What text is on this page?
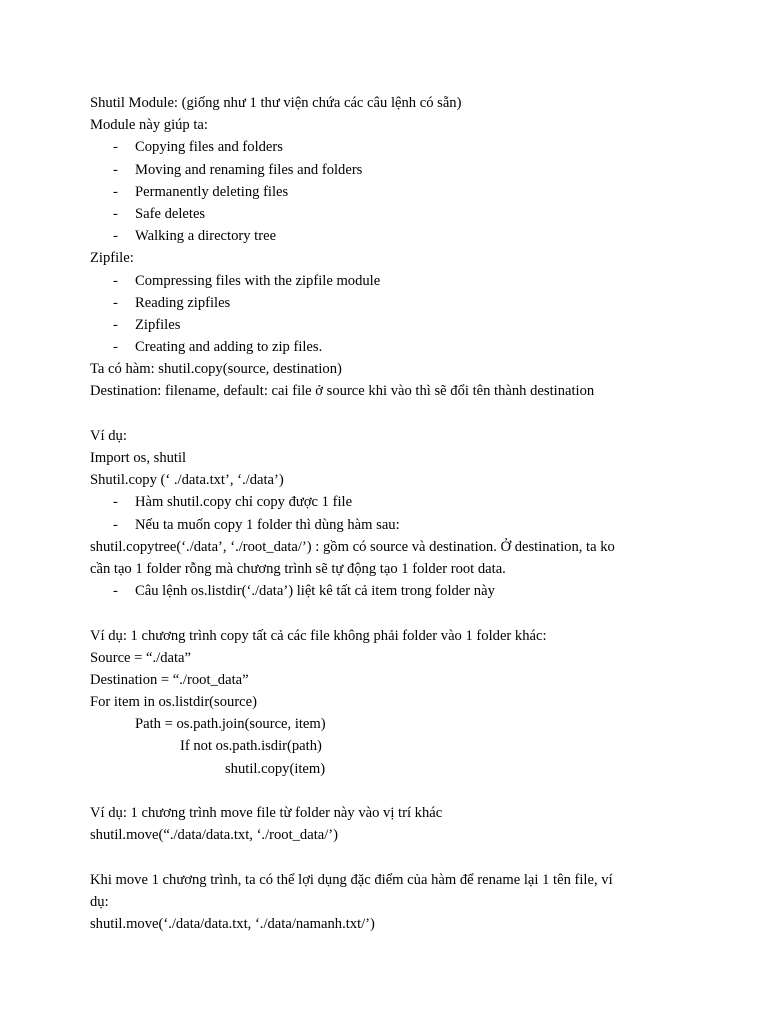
Shutil Module: (giống như 1 thư viện chứa các câu lệnh có sẵn)
Module này giúp ta:
- Copying files and folders
- Moving and renaming files and folders
- Permanently deleting files
- Safe deletes
- Walking a directory tree
Zipfile:
- Compressing files with the zipfile module
- Reading zipfiles
- Zipfiles
- Creating and adding to zip files.
Ta có hàm: shutil.copy(source, destination)
Destination: filename, default: cai file ở source khi vào thì sẽ đổi tên thành destination
Ví dụ:
Import os, shutil
Shutil.copy (‘ ./data.txt’, ‘./data’)
- Hàm shutil.copy chỉ copy được 1 file
- Nếu ta muốn copy 1 folder thì dùng hàm sau:
shutil.copytree(‘./data’, ‘./root_data/’) : gồm có source và destination. Ở destination, ta ko
cần tạo 1 folder rỗng mà chương trình sẽ tự động tạo 1 folder root data.
- Câu lệnh os.listdir(‘./data’) liệt kê tất cả item trong folder này
Ví dụ: 1 chương trình copy tất cả các file không phải folder vào 1 folder khác:
Source = “./data”
Destination = “./root_data”
For item in os.listdir(source)
Path = os.path.join(source, item)
If not os.path.isdir(path)
shutil.copy(item)
Ví dụ: 1 chương trình move file từ folder này vào vị trí khác
shutil.move(“./data/data.txt, ‘./root_data/’)
Khi move 1 chương trình, ta có thể lợi dụng đặc điểm của hàm để rename lại 1 tên file, ví
dụ:
shutil.move(‘./data/data.txt, ‘./data/namanh.txt/’)
